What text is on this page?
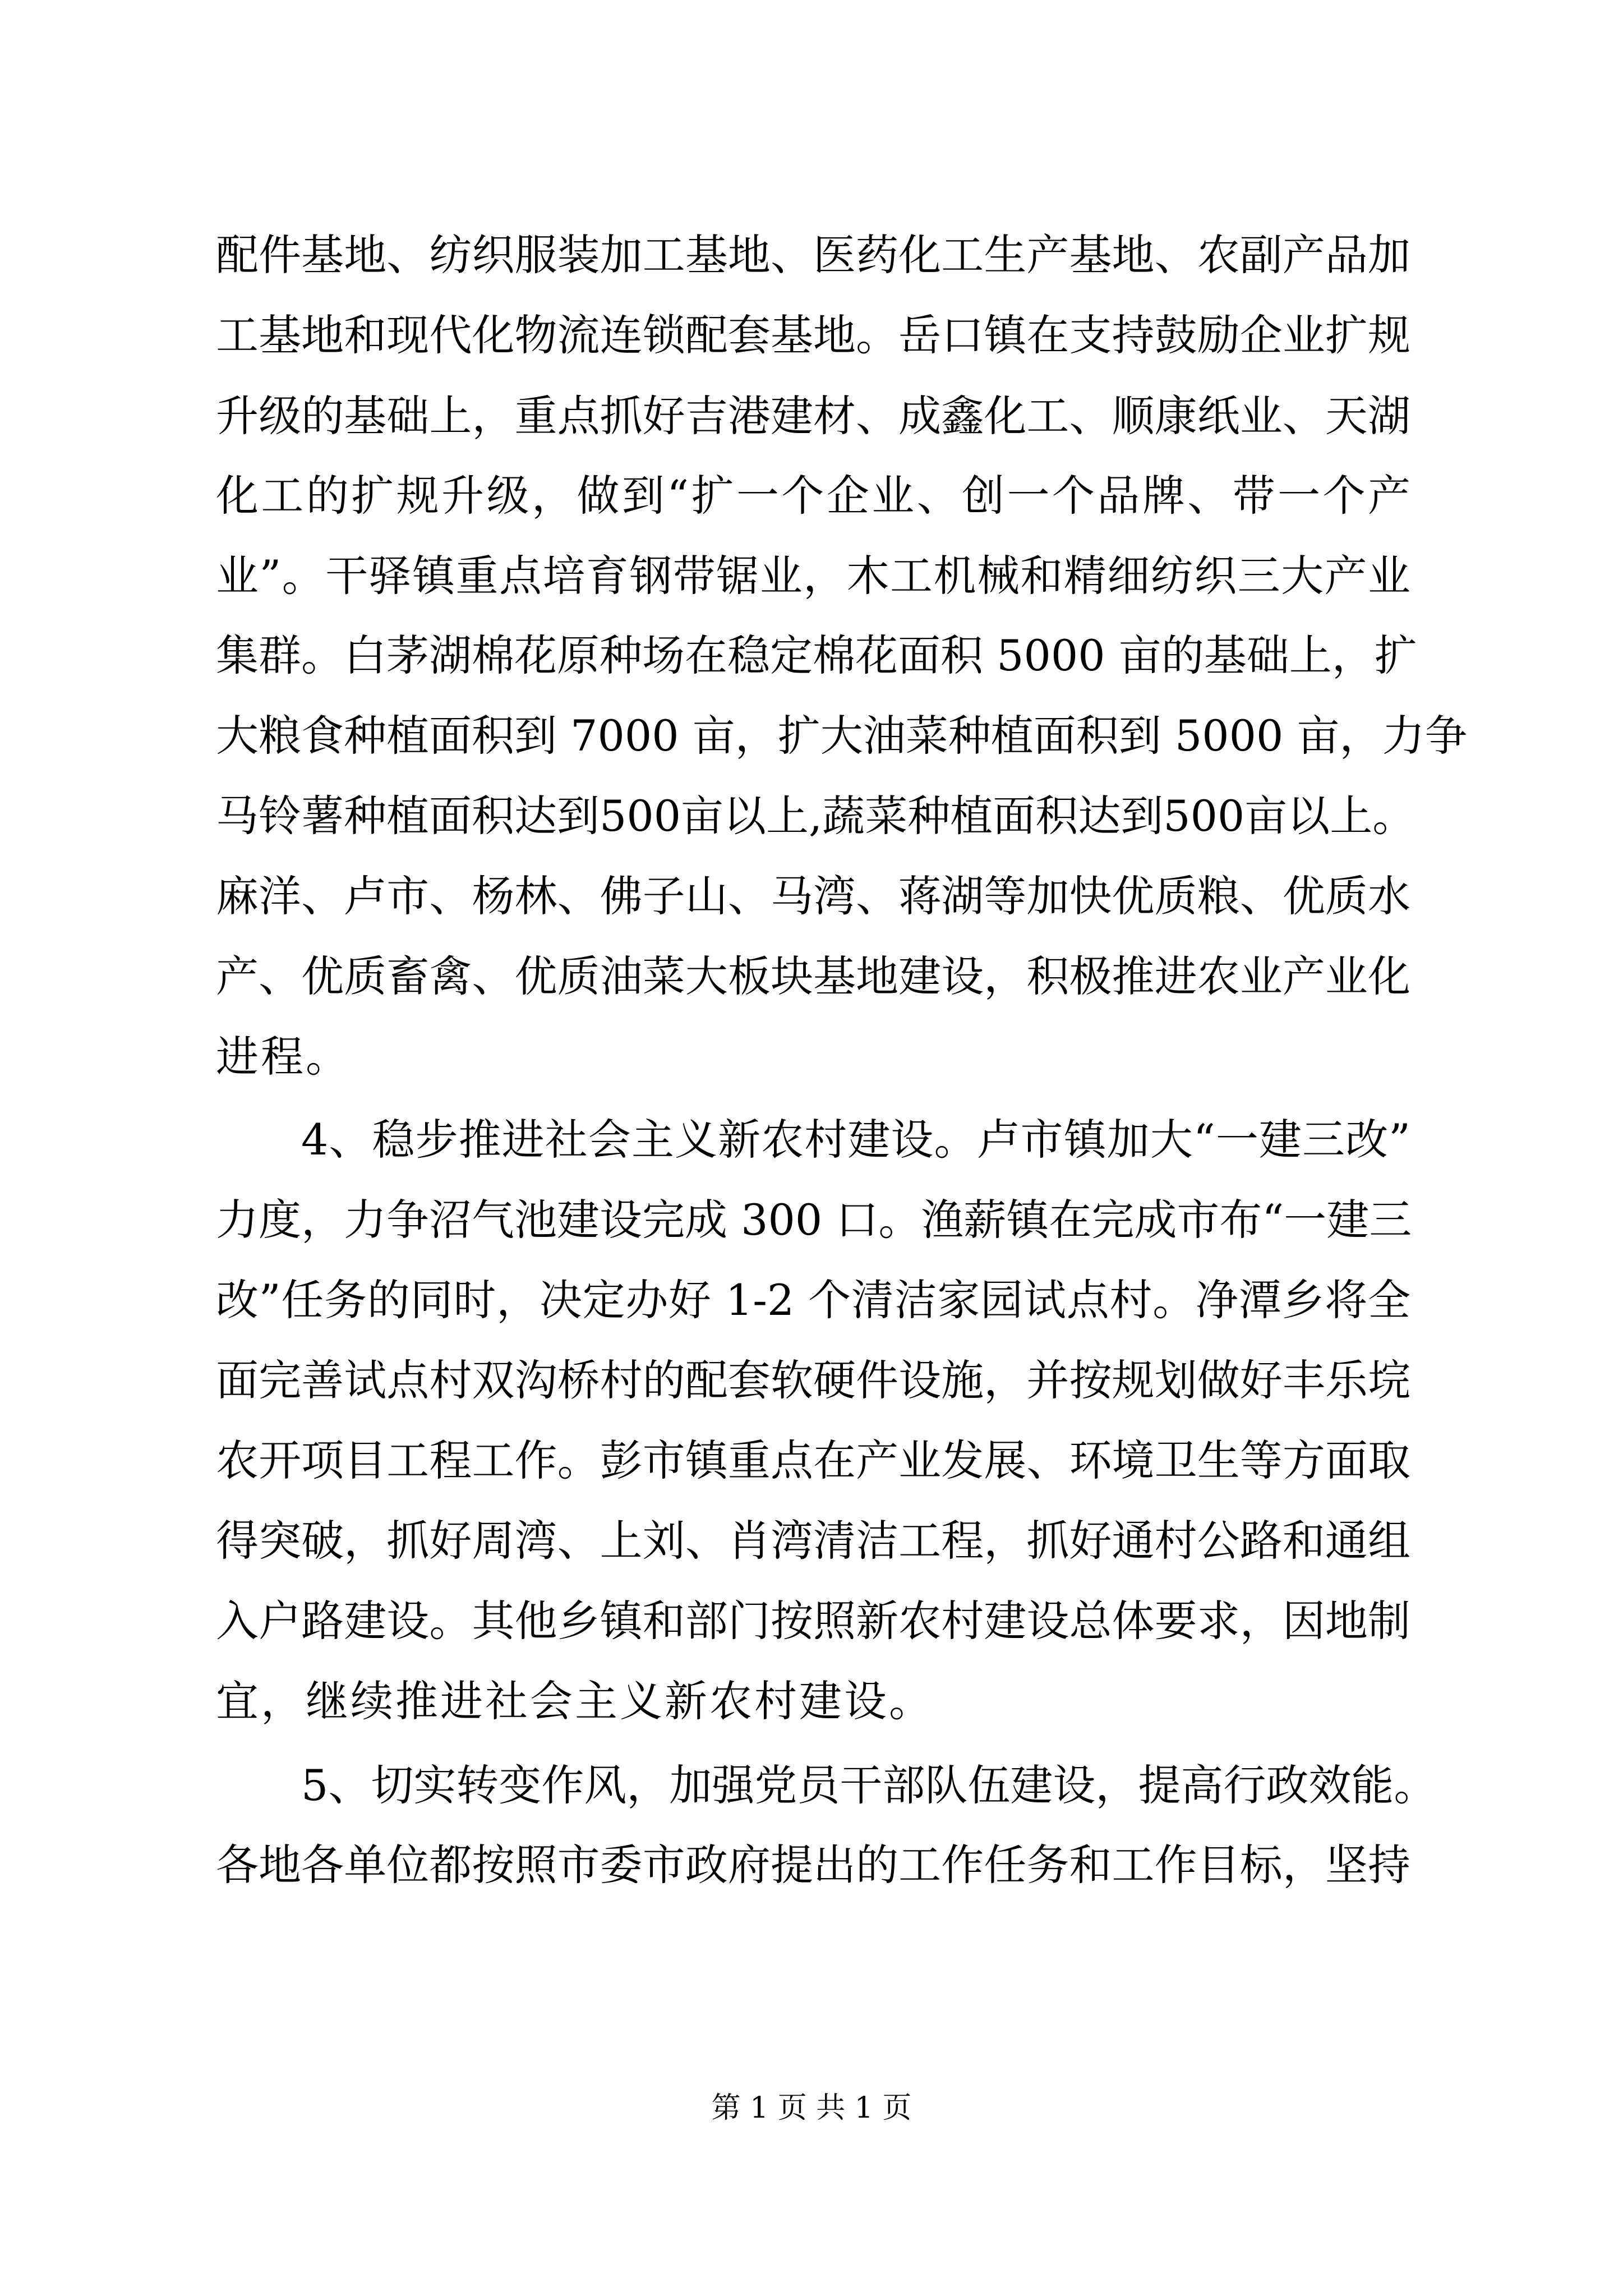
配件基地、纺织服装加工基地、医药化工生产基地、农副产品加
工基地和现代化物流连锁配套基地。岳口镇在支持鼓励企业扩规
升级的基础上，重点抓好吉港建材、成鑫化工、顺康纸业、天湖
化工的扩规升级，做到“扩一个企业、创一个品牌、带一个产
业”。干驿镇重点培育钢带锯业，木工机械和精细纺织三大产业
集群。白茅湖棉花原种场在稳定棉花面积 5000 亩的基础上，扩
大粮食种植面积到 7000 亩，扩大油菜种植面积到 5000 亩，力争
马铃薯种植面积达到500亩以上,蔬菜种植面积达到500亩以上。
麻洋、卢市、杨林、佛子山、马湾、蒋湖等加快优质粮、优质水
产、优质畜禽、优质油菜大板块基地建设，积极推进农业产业化
进程。
4、稳步推进社会主义新农村建设。卢市镇加大“一建三改”
力度，力争沼气池建设完成 300 口。渔薪镇在完成市布“一建三
改”任务的同时，决定办好 1-2 个清洁家园试点村。净潭乡将全
面完善试点村双沟桥村的配套软硬件设施，并按规划做好丰乐垸
农开项目工程工作。彭市镇重点在产业发展、环境卫生等方面取
得突破，抓好周湾、上刘、肖湾清洁工程，抓好通村公路和通组
入户路建设。其他乡镇和部门按照新农村建设总体要求，因地制
宜，继续推进社会主义新农村建设。
5、切实转变作风，加强党员干部队伍建设，提高行政效能。
各地各单位都按照市委市政府提出的工作任务和工作目标，坚持
第 1 页 共 1 页
